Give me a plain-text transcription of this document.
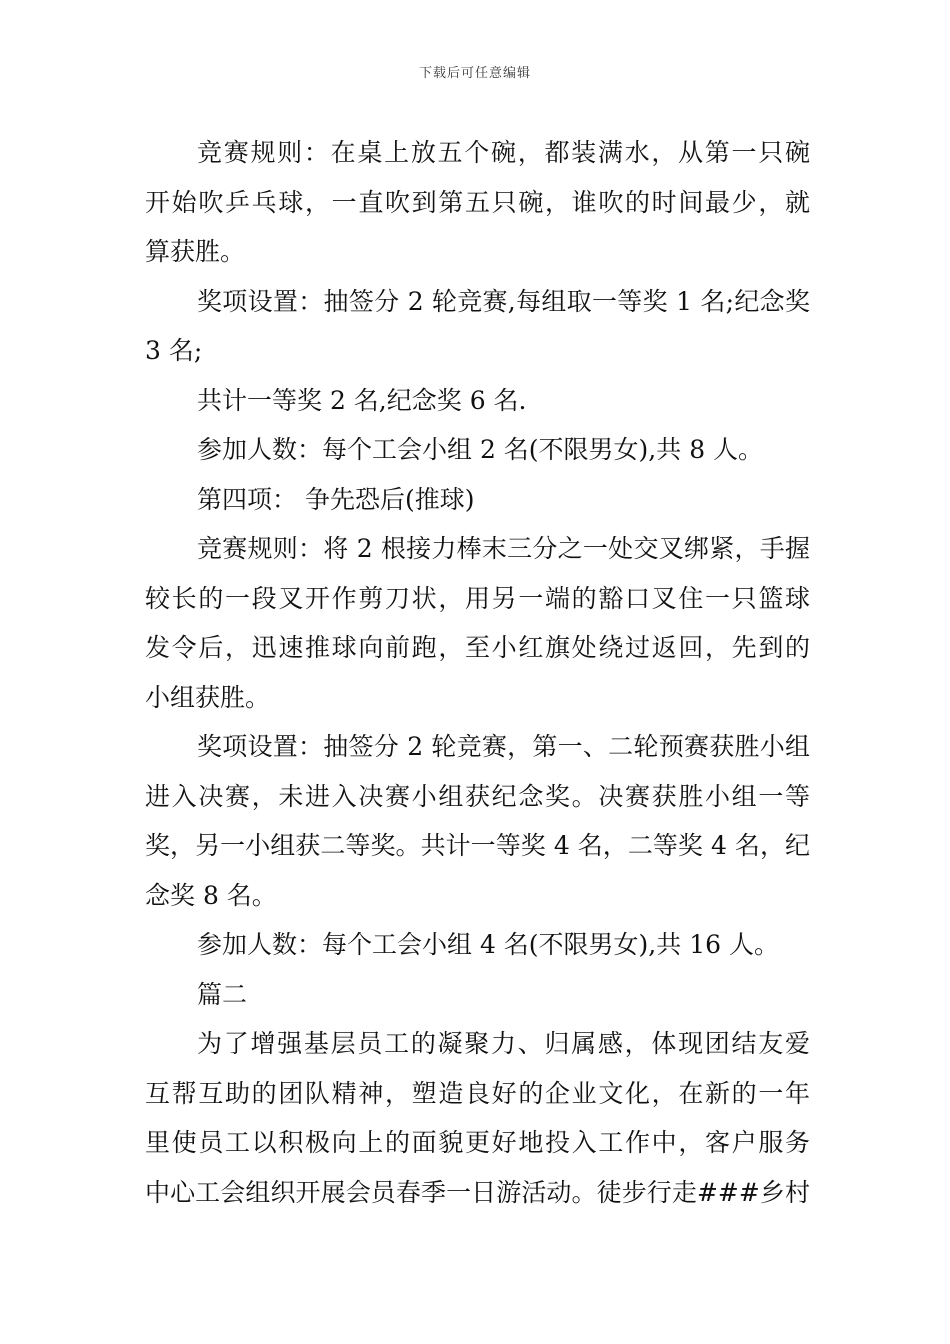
下载后可任意编辑
竞赛规则：在桌上放五个碗，都装满水，从第一只碗
开始吹乒乓球，一直吹到第五只碗，谁吹的时间最少，就
算获胜。
奖项设置：抽签分 2 轮竞赛,每组取一等奖 1 名;纪念奖
3 名;
共计一等奖 2 名,纪念奖 6 名.
参加人数：每个工会小组 2 名(不限男女),共 8 人。
第四项： 争先恐后(推球)
竞赛规则：将 2 根接力棒末三分之一处交叉绑紧，手握
较长的一段叉开作剪刀状，用另一端的豁口叉住一只篮球
发令后，迅速推球向前跑，至小红旗处绕过返回，先到的
小组获胜。
奖项设置：抽签分 2 轮竞赛，第一、二轮预赛获胜小组
进入决赛，未进入决赛小组获纪念奖。决赛获胜小组一等
奖，另一小组获二等奖。共计一等奖 4 名，二等奖 4 名，纪
念奖 8 名。
参加人数：每个工会小组 4 名(不限男女),共 16 人。
篇二
为了增强基层员工的凝聚力、归属感，体现团结友爱
互帮互助的团队精神，塑造良好的企业文化，在新的一年
里使员工以积极向上的面貌更好地投入工作中，客户服务
中心工会组织开展会员春季一日游活动。徒步行走###乡村
